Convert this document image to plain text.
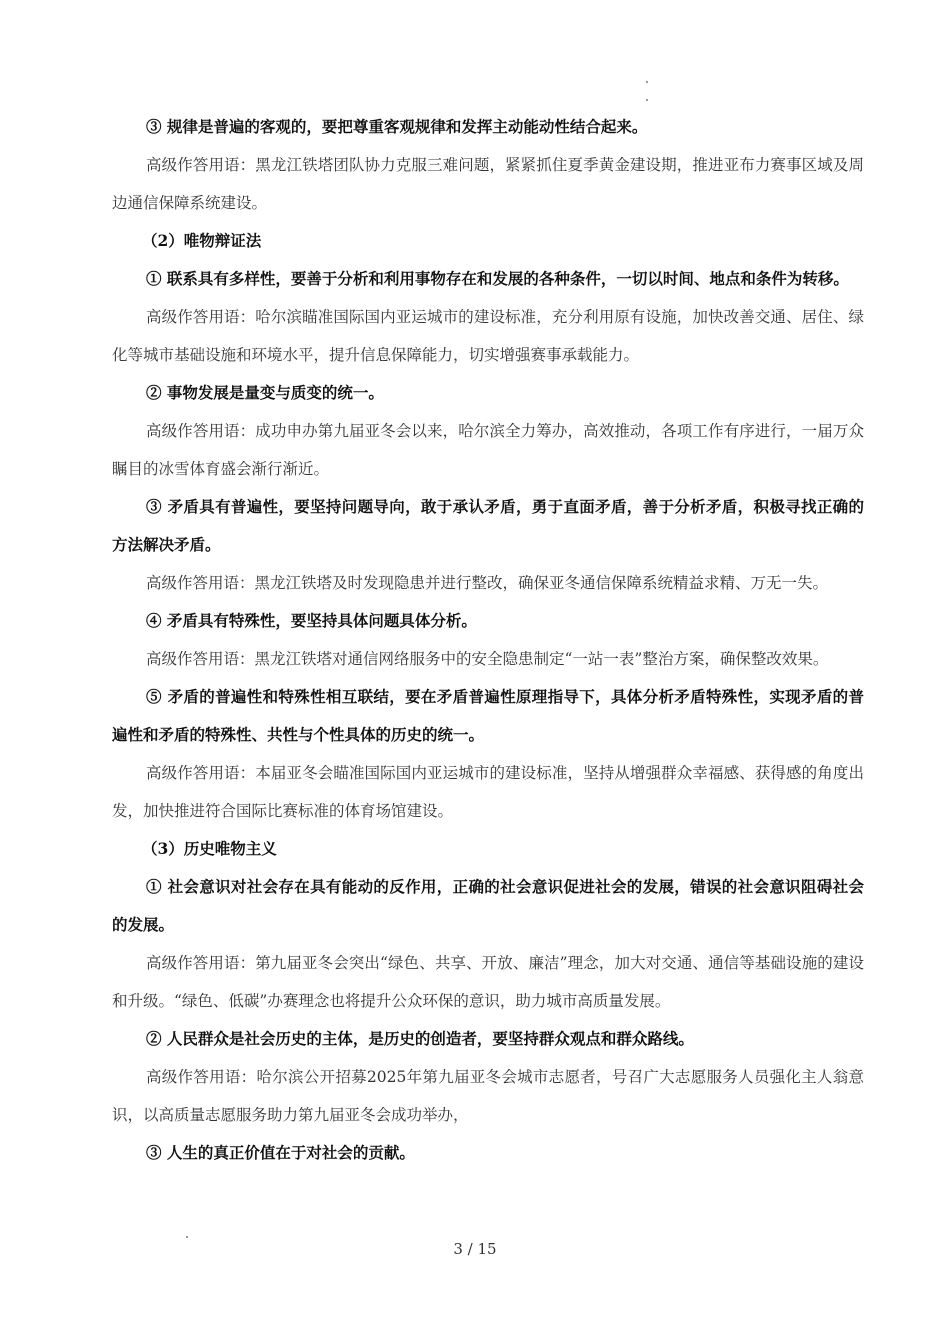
③ 规律是普遍的客观的，要把尊重客观规律和发挥主动能动性结合起来。

高级作答用语：黑龙江铁塔团队协力克服三难问题，紧紧抓住夏季黄金建设期，推进亚布力赛事区域及周边通信保障系统建设。

（2）唯物辩证法

① 联系具有多样性，要善于分析和利用事物存在和发展的各种条件，一切以时间、地点和条件为转移。

高级作答用语：哈尔滨瞄准国际国内亚运城市的建设标准，充分利用原有设施，加快改善交通、居住、绿化等城市基础设施和环境水平，提升信息保障能力，切实增强赛事承载能力。

② 事物发展是量变与质变的统一。

高级作答用语：成功申办第九届亚冬会以来，哈尔滨全力筹办，高效推动，各项工作有序进行，一届万众瞩目的冰雪体育盛会渐行渐近。

③ 矛盾具有普遍性，要坚持问题导向，敢于承认矛盾，勇于直面矛盾，善于分析矛盾，积极寻找正确的方法解决矛盾。

高级作答用语：黑龙江铁塔及时发现隐患并进行整改，确保亚冬通信保障系统精益求精、万无一失。

④ 矛盾具有特殊性，要坚持具体问题具体分析。

高级作答用语：黑龙江铁塔对通信网络服务中的安全隐患制定“一站一表”整治方案，确保整改效果。

⑤ 矛盾的普遍性和特殊性相互联结，要在矛盾普遍性原理指导下，具体分析矛盾特殊性，实现矛盾的普遍性和矛盾的特殊性、共性与个性具体的历史的统一。

高级作答用语：本届亚冬会瞄准国际国内亚运城市的建设标准，坚持从增强群众幸福感、获得感的角度出发，加快推进符合国际比赛标准的体育场馆建设。

（3）历史唯物主义

① 社会意识对社会存在具有能动的反作用，正确的社会意识促进社会的发展，错误的社会意识阻碍社会的发展。

高级作答用语：第九届亚冬会突出“绿色、共享、开放、廉洁”理念，加大对交通、通信等基础设施的建设和升级。“绿色、低碳”办赛理念也将提升公众环保的意识，助力城市高质量发展。

② 人民群众是社会历史的主体，是历史的创造者，要坚持群众观点和群众路线。

高级作答用语：哈尔滨公开招募2025年第九届亚冬会城市志愿者，号召广大志愿服务人员强化主人翁意识，以高质量志愿服务助力第九届亚冬会成功举办，

③ 人生的真正价值在于对社会的贡献。

3 / 15
